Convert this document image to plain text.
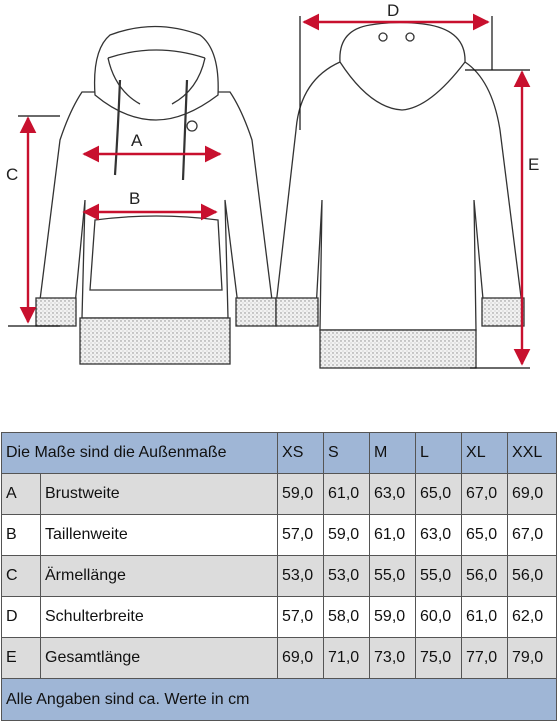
A
B
C
D
E
Die Maße sind die Außenmaße		XS	S	M	L	XL	XXL
A	Brustweite	59,0	61,0	63,0	65,0	67,0	69,0
B	Taillenweite	57,0	59,0	61,0	63,0	65,0	67,0
C	Ärmellänge	53,0	53,0	55,0	55,0	56,0	56,0
D	Schulterbreite	57,0	58,0	59,0	60,0	61,0	62,0
E	Gesamtlänge	69,0	71,0	73,0	75,0	77,0	79,0
Alle Angaben sind ca. Werte in cm							
